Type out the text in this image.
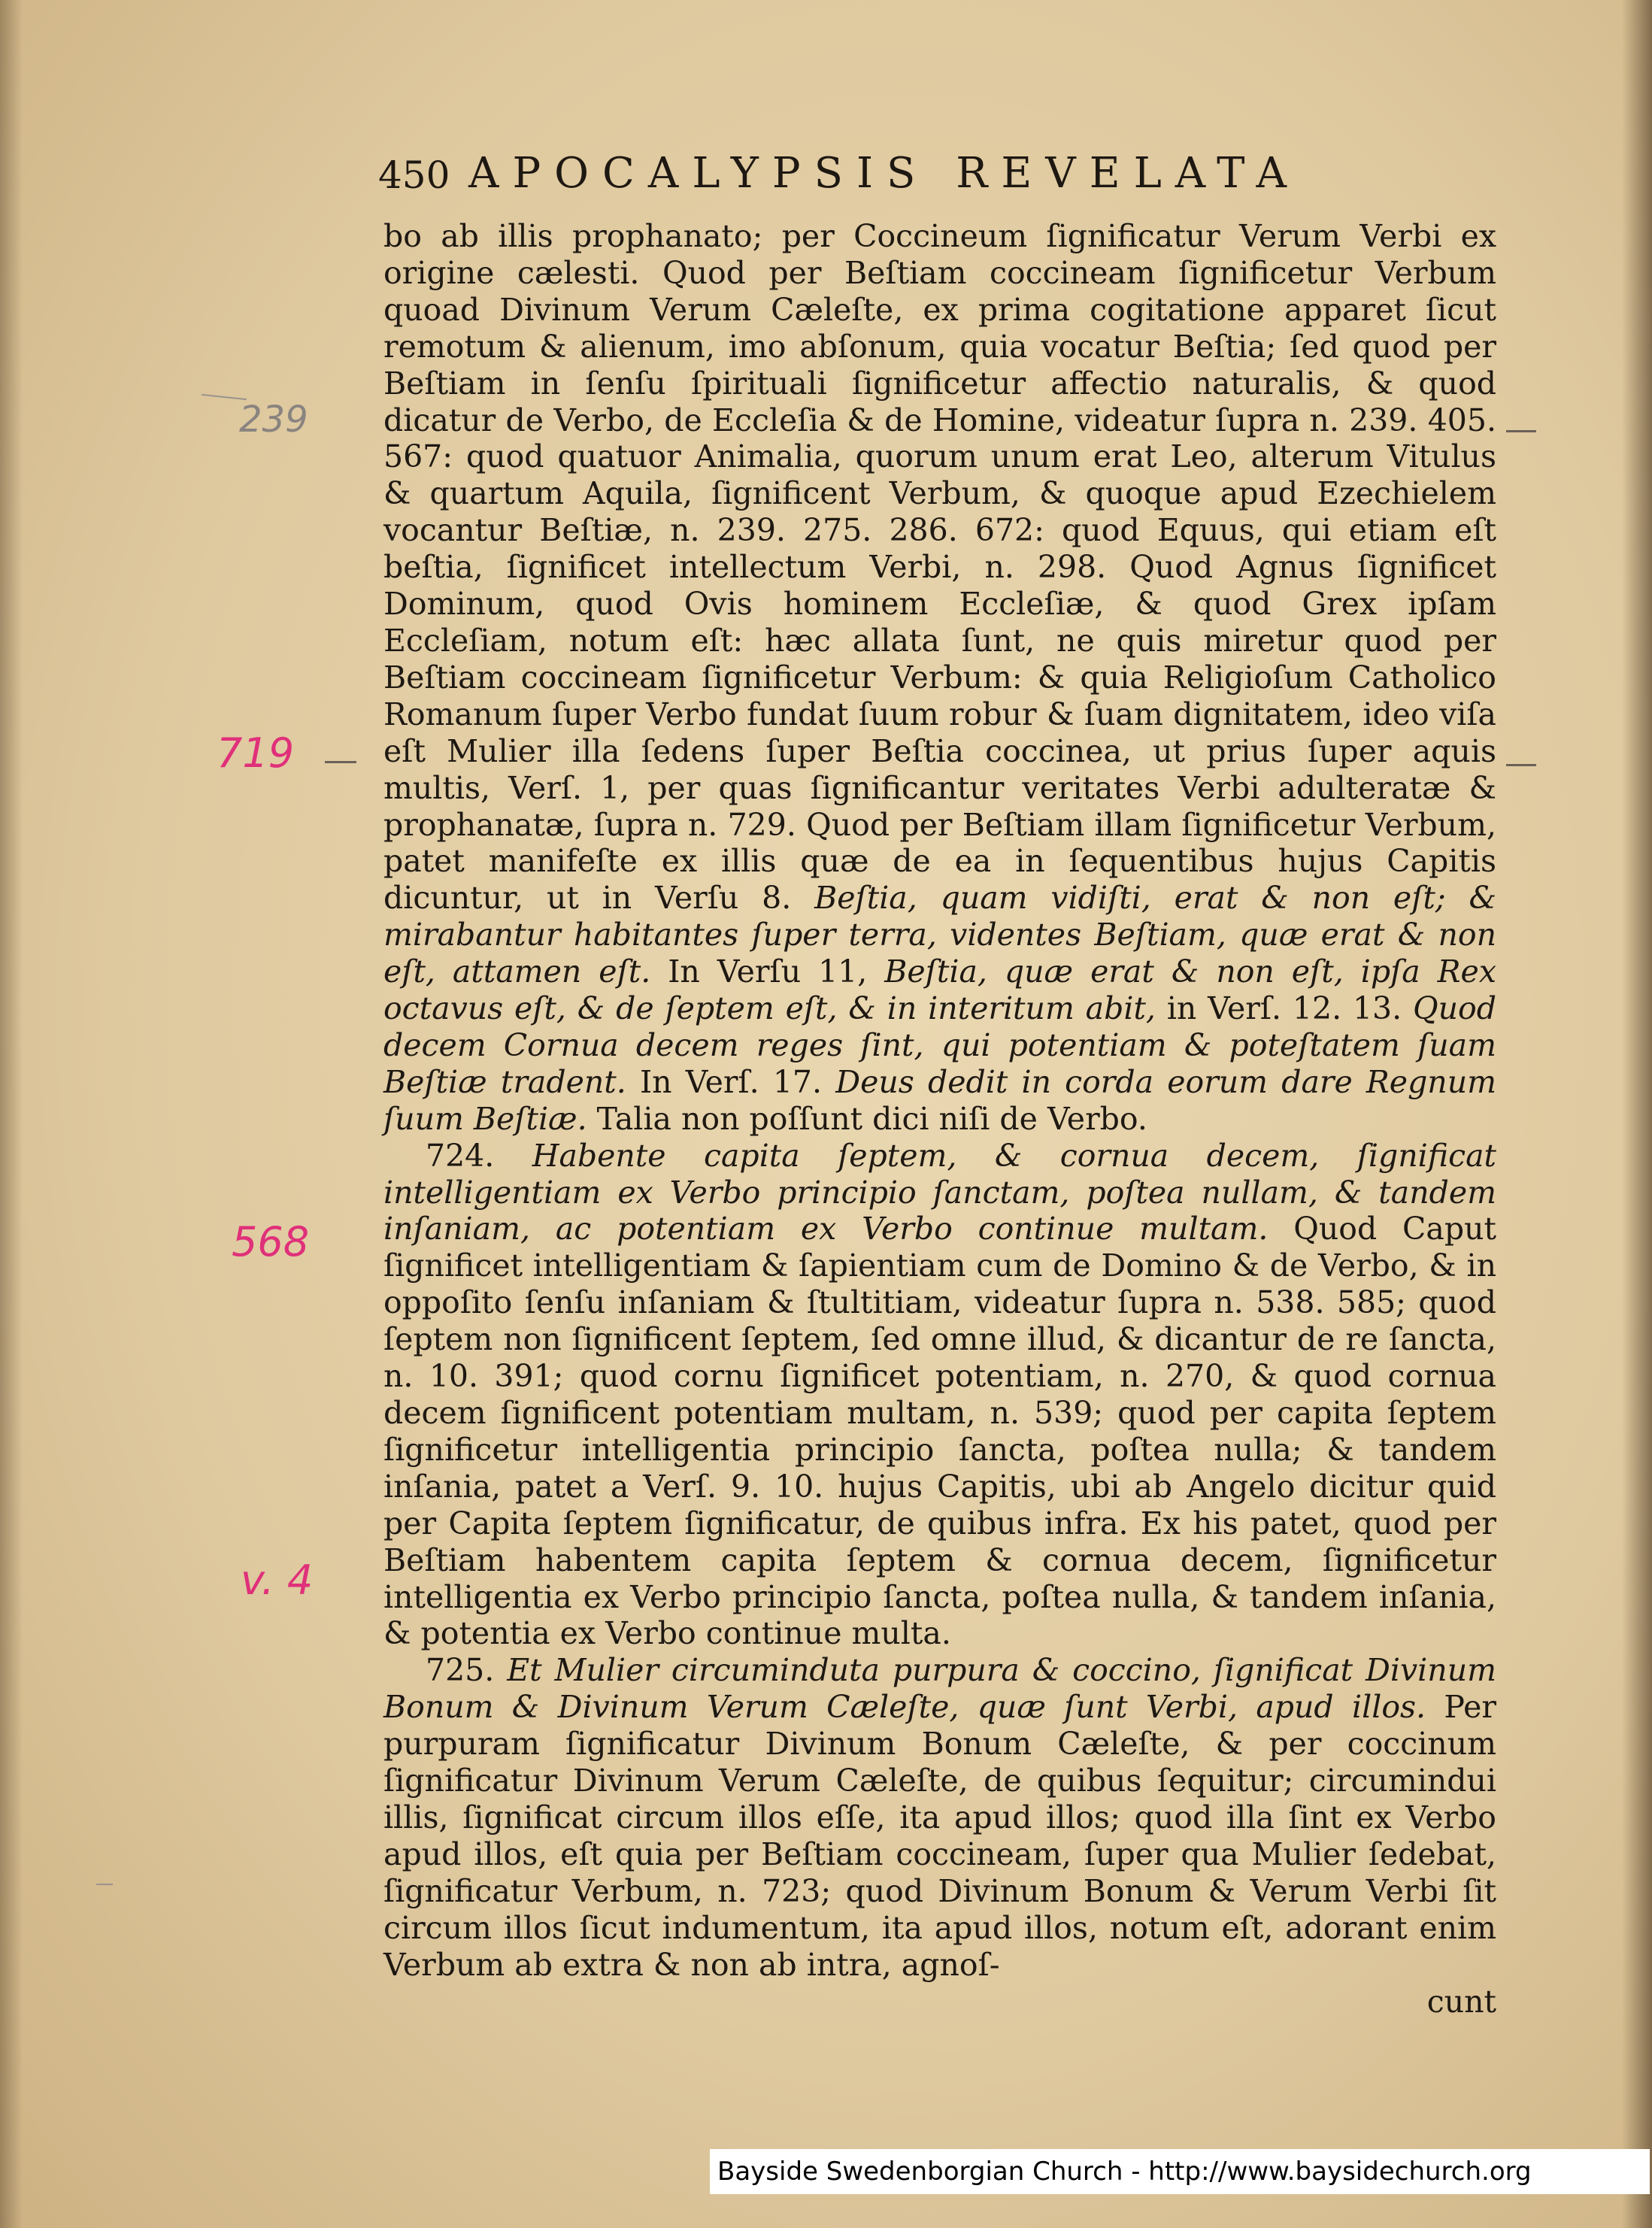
450 APOCALYPSIS REVELATA

bo ab illis prophanato; per Coccineum ſignificatur Verum Verbi ex origine cælesti. Quod per Beſtiam coccineam ſignificetur Verbum quoad Divinum Verum Cæleſte, ex prima cogitatione apparet ſicut remotum & alienum, imo abſonum, quia vocatur Beſtia; ſed quod per Beſtiam in ſenſu ſpirituali ſignificetur affectio naturalis, & quod dicatur de Verbo, de Eccleſia & de Homine, videatur ſupra n. 239. 405. 567: quod quatuor Animalia, quorum unum erat Leo, alterum Vitulus & quartum Aquila, ſignificent Verbum, & quoque apud Ezechielem vocantur Beſtiæ, n. 239. 275. 286. 672: quod Equus, qui etiam eſt beſtia, ſignificet intellectum Verbi, n. 298. Quod Agnus ſignificet Dominum, quod Ovis hominem Eccleſiæ, & quod Grex ipſam Eccleſiam, notum eſt: hæc allata ſunt, ne quis miretur quod per Beſtiam coccineam ſignificetur Verbum: & quia Religioſum Catholico Romanum ſuper Verbo fundat ſuum robur & ſuam dignitatem, ideo viſa eſt Mulier illa ſedens ſuper Beſtia coccinea, ut prius ſuper aquis multis, Verſ. 1, per quas ſignificantur veritates Verbi adulteratæ & prophanatæ, ſupra n. 729. Quod per Beſtiam illam ſignificetur Verbum, patet manifeſte ex illis quæ de ea in ſequentibus hujus Capitis dicuntur, ut in Verſu 8. Beſtia, quam vidiſti, erat & non eſt; & mirabantur habitantes ſuper terra, videntes Beſtiam, quæ erat & non eſt, attamen eſt. In Verſu 11, Beſtia, quæ erat & non eſt, ipſa Rex octavus eſt, & de ſeptem eſt, & in interitum abit, in Verſ. 12. 13. Quod decem Cornua decem reges ſint, qui potentiam & poteſtatem ſuam Beſtiæ tradent. In Verſ. 17. Deus dedit in corda eorum dare Regnum ſuum Beſtiæ. Talia non poſſunt dici niſi de Verbo.

724. Habente capita ſeptem, & cornua decem, ſignificat intelligentiam ex Verbo principio ſanctam, poſtea nullam, & tandem inſaniam, ac potentiam ex Verbo continue multam. Quod Caput ſignificet intelligentiam & ſapientiam cum de Domino & de Verbo, & in oppoſito ſenſu inſaniam & ſtultitiam, videatur ſupra n. 538. 585; quod ſeptem non ſignificent ſeptem, ſed omne illud, & dicantur de re ſancta, n. 10. 391; quod cornu ſignificet potentiam, n. 270, & quod cornua decem ſignificent potentiam multam, n. 539; quod per capita ſeptem ſignificetur intelligentia principio ſancta, poſtea nulla; & tandem inſania, patet a Verſ. 9. 10. hujus Capitis, ubi ab Angelo dicitur quid per Capita ſeptem ſignificatur, de quibus infra. Ex his patet, quod per Beſtiam habentem capita ſeptem & cornua decem, ſignificetur intelligentia ex Verbo principio ſancta, poſtea nulla, & tandem inſania, & potentia ex Verbo continue multa.

725. Et Mulier circuminduta purpura & coccino, ſignificat Divinum Bonum & Divinum Verum Cæleſte, quæ ſunt Verbi, apud illos. Per purpuram ſignificatur Divinum Bonum Cæleſte, & per coccinum ſignificatur Divinum Verum Cæleſte, de quibus ſequitur; circumindui illis, ſignificat circum illos eſſe, ita apud illos; quod illa ſint ex Verbo apud illos, eſt quia per Beſtiam coccineam, ſuper qua Mulier ſedebat, ſignificatur Verbum, n. 723; quod Divinum Bonum & Verum Verbi ſit circum illos ſicut indumentum, ita apud illos, notum eſt, adorant enim Verbum ab extra & non ab intra, agnoſ-

cunt

239
719
568
v. 4
Bayside Swedenborgian Church - http://www.baysidechurch.org
